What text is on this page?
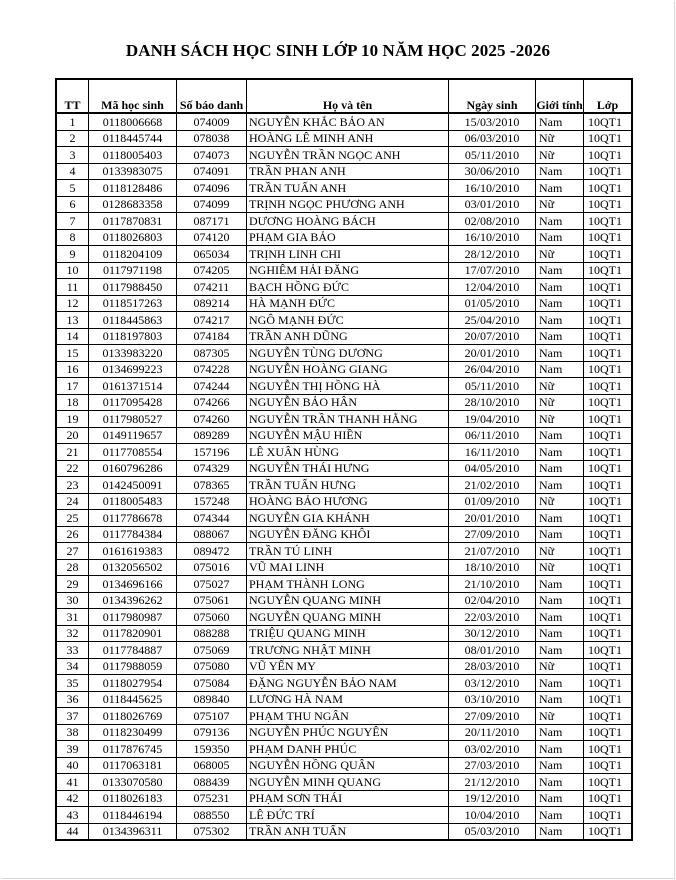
DANH SÁCH HỌC SINH LỚP 10 NĂM HỌC 2025 -2026
TT	Mã học sinh	Số báo danh	Họ và tên	Ngày sinh	Giới tính	Lớp
1	0118006668	074009	NGUYỄN KHẮC BẢO AN	15/03/2010	Nam	10QT1
2	0118445744	078038	HOÀNG LÊ MINH ANH	06/03/2010	Nữ	10QT1
3	0118005403	074073	NGUYỄN TRẦN NGỌC ANH	05/11/2010	Nữ	10QT1
4	0133983075	074091	TRẦN PHAN ANH	30/06/2010	Nam	10QT1
5	0118128486	074096	TRẦN TUẤN ANH	16/10/2010	Nam	10QT1
6	0128683358	074099	TRỊNH NGỌC PHƯƠNG ANH	03/01/2010	Nữ	10QT1
7	0117870831	087171	DƯƠNG HOÀNG BÁCH	02/08/2010	Nam	10QT1
8	0118026803	074120	PHẠM GIA BẢO	16/10/2010	Nam	10QT1
9	0118204109	065034	TRỊNH LINH CHI	28/12/2010	Nữ	10QT1
10	0117971198	074205	NGHIÊM HẢI ĐĂNG	17/07/2010	Nam	10QT1
11	0117988450	074211	BẠCH HỒNG ĐỨC	12/04/2010	Nam	10QT1
12	0118517263	089214	HÀ MẠNH ĐỨC	01/05/2010	Nam	10QT1
13	0118445863	074217	NGÔ MẠNH ĐỨC	25/04/2010	Nam	10QT1
14	0118197803	074184	TRẦN ANH DŨNG	20/07/2010	Nam	10QT1
15	0133983220	087305	NGUYỄN TÙNG DƯƠNG	20/01/2010	Nam	10QT1
16	0134699223	074228	NGUYỄN HOÀNG GIANG	26/04/2010	Nam	10QT1
17	0161371514	074244	NGUYỄN THỊ HỒNG HÀ	05/11/2010	Nữ	10QT1
18	0117095428	074266	NGUYỄN BẢO HÂN	28/10/2010	Nữ	10QT1
19	0117980527	074260	NGUYỄN TRẦN THANH HẰNG	19/04/2010	Nữ	10QT1
20	0149119657	089289	NGUYỄN MẬU HIỀN	06/11/2010	Nam	10QT1
21	0117708554	157196	LÊ XUÂN HÙNG	16/11/2010	Nam	10QT1
22	0160796286	074329	NGUYỄN THÁI HƯNG	04/05/2010	Nam	10QT1
23	0142450091	078365	TRẦN TUẤN HƯNG	21/02/2010	Nam	10QT1
24	0118005483	157248	HOÀNG BẢO HƯƠNG	01/09/2010	Nữ	10QT1
25	0117786678	074344	NGUYỄN GIA KHÁNH	20/01/2010	Nam	10QT1
26	0117784384	088067	NGUYỄN ĐĂNG KHÔI	27/09/2010	Nam	10QT1
27	0161619383	089472	TRẦN TÚ LINH	21/07/2010	Nữ	10QT1
28	0132056502	075016	VŨ MAI LINH	18/10/2010	Nữ	10QT1
29	0134696166	075027	PHẠM THÀNH LONG	21/10/2010	Nam	10QT1
30	0134396262	075061	NGUYỄN QUANG MINH	02/04/2010	Nam	10QT1
31	0117980987	075060	NGUYỄN QUANG MINH	22/03/2010	Nam	10QT1
32	0117820901	088288	TRIỆU QUANG MINH	30/12/2010	Nam	10QT1
33	0117784887	075069	TRƯƠNG NHẬT MINH	08/01/2010	Nam	10QT1
34	0117988059	075080	VŨ YẾN MY	28/03/2010	Nữ	10QT1
35	0118027954	075084	ĐẶNG NGUYỄN BẢO NAM	03/12/2010	Nam	10QT1
36	0118445625	089840	LƯƠNG HÀ NAM	03/10/2010	Nam	10QT1
37	0118026769	075107	PHẠM THU NGÂN	27/09/2010	Nữ	10QT1
38	0118230499	079136	NGUYỄN PHÚC NGUYÊN	20/11/2010	Nam	10QT1
39	0117876745	159350	PHẠM DANH PHÚC	03/02/2010	Nam	10QT1
40	0117063181	068005	NGUYỄN HỒNG QUÂN	27/03/2010	Nam	10QT1
41	0133070580	088439	NGUYỄN MINH QUANG	21/12/2010	Nam	10QT1
42	0118026183	075231	PHẠM SƠN THÁI	19/12/2010	Nam	10QT1
43	0118446194	088550	LÊ ĐỨC TRÍ	10/04/2010	Nam	10QT1
44	0134396311	075302	TRẦN ANH TUẤN	05/03/2010	Nam	10QT1
